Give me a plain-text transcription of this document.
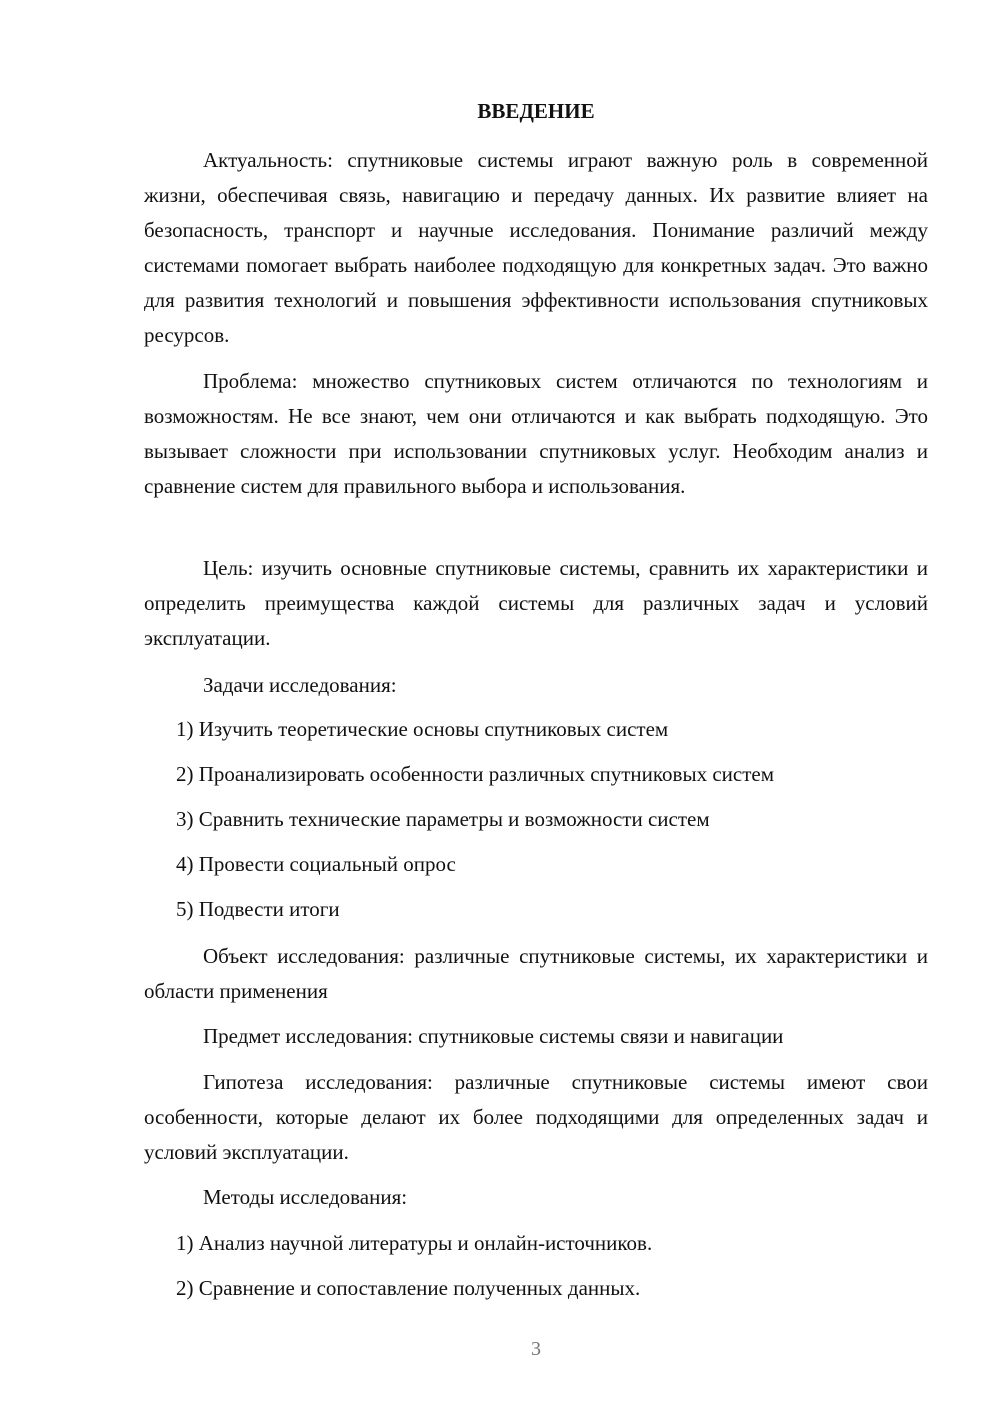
ВВЕДЕНИЕ

Актуальность: спутниковые системы играют важную роль в современной жизни, обеспечивая связь, навигацию и передачу данных. Их развитие влияет на безопасность, транспорт и научные исследования. Понимание различий между системами помогает выбрать наиболее подходящую для конкретных задач. Это важно для развития технологий и повышения эффективности использования спутниковых ресурсов.

Проблема: множество спутниковых систем отличаются по технологиям и возможностям. Не все знают, чем они отличаются и как выбрать подходящую. Это вызывает сложности при использовании спутниковых услуг. Необходим анализ и сравнение систем для правильного выбора и использования.

Цель: изучить основные спутниковые системы, сравнить их характеристики и определить преимущества каждой системы для различных задач и условий эксплуатации.

Задачи исследования:

1) Изучить теоретические основы спутниковых систем
2) Проанализировать особенности различных спутниковых систем
3) Сравнить технические параметры и возможности систем
4) Провести социальный опрос
5) Подвести итоги

Объект исследования: различные спутниковые системы, их характеристики и области применения

Предмет исследования: спутниковые системы связи и навигации

Гипотеза исследования: различные спутниковые системы имеют свои особенности, которые делают их более подходящими для определенных задач и условий эксплуатации.

Методы исследования:

1) Анализ научной литературы и онлайн-источников.
2) Сравнение и сопоставление полученных данных.
3
